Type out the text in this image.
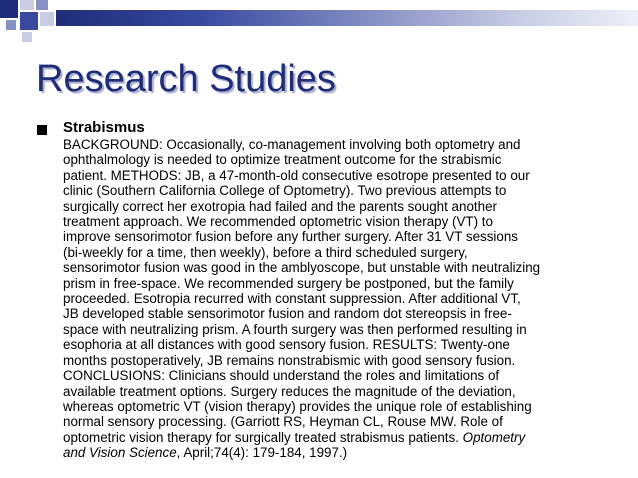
Research Studies

Strabismus

BACKGROUND: Occasionally, co-management involving both optometry and
ophthalmology is needed to optimize treatment outcome for the strabismic
patient. METHODS: JB, a 47-month-old consecutive esotrope presented to our
clinic (Southern California College of Optometry). Two previous attempts to
surgically correct her exotropia had failed and the parents sought another
treatment approach. We recommended optometric vision therapy (VT) to
improve sensorimotor fusion before any further surgery. After 31 VT sessions
(bi-weekly for a time, then weekly), before a third scheduled surgery,
sensorimotor fusion was good in the amblyoscope, but unstable with neutralizing
prism in free-space. We recommended surgery be postponed, but the family
proceeded. Esotropia recurred with constant suppression. After additional VT,
JB developed stable sensorimotor fusion and random dot stereopsis in free-
space with neutralizing prism. A fourth surgery was then performed resulting in
esophoria at all distances with good sensory fusion. RESULTS: Twenty-one
months postoperatively, JB remains nonstrabismic with good sensory fusion.
CONCLUSIONS: Clinicians should understand the roles and limitations of
available treatment options. Surgery reduces the magnitude of the deviation,
whereas optometric VT (vision therapy) provides the unique role of establishing
normal sensory processing. (Garriott RS, Heyman CL, Rouse MW. Role of
optometric vision therapy for surgically treated strabismus patients. Optometry
and Vision Science, April;74(4): 179-184, 1997.)
